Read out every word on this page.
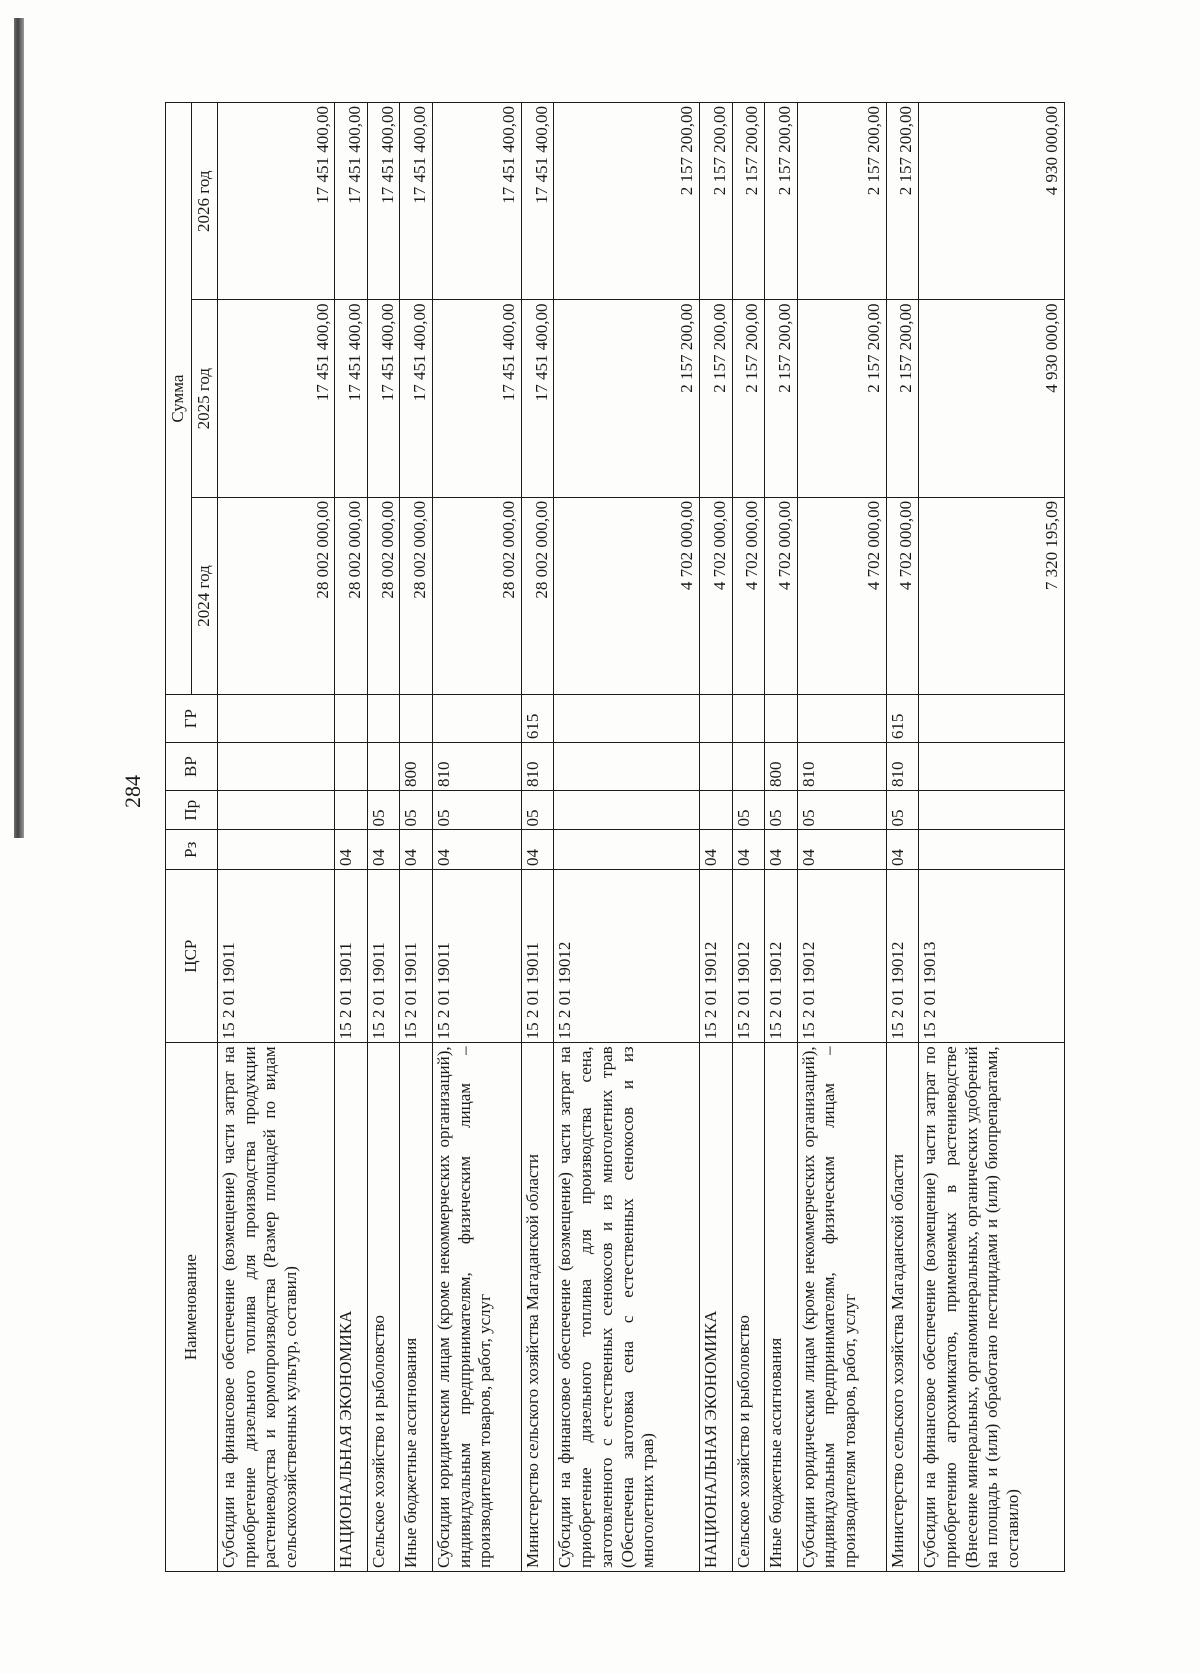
284
Наименование	ЦСР	Рз	Пр	ВР	ГР	Сумма		
						2024 год	2025 год	2026 год
Субсидии на финансовое обеспечение (возмещение) части затрат на приобретение дизельного топлива для производства продукции растениеводства и кормопроизводства (Размер площадей по видам сельскохозяйственных культур, составил)	15 2 01 19011					28 002 000,00	17 451 400,00	17 451 400,00
НАЦИОНАЛЬНАЯ ЭКОНОМИКА	15 2 01 19011	04				28 002 000,00	17 451 400,00	17 451 400,00
Сельское хозяйство и рыболовство	15 2 01 19011	04	05			28 002 000,00	17 451 400,00	17 451 400,00
Иные бюджетные ассигнования	15 2 01 19011	04	05	800		28 002 000,00	17 451 400,00	17 451 400,00
Субсидии юридическим лицам (кроме некоммерческих организаций), индивидуальным предпринимателям, физическим лицам – производителям товаров, работ, услуг	15 2 01 19011	04	05	810		28 002 000,00	17 451 400,00	17 451 400,00
Министерство сельского хозяйства Магаданской области	15 2 01 19011	04	05	810	615	28 002 000,00	17 451 400,00	17 451 400,00
Субсидии на финансовое обеспечение (возмещение) части затрат на приобретение дизельного топлива для производства сена, заготовленного с естественных сенокосов и из многолетних трав (Обеспечена заготовка сена с естественных сенокосов и из многолетних трав)	15 2 01 19012					4 702 000,00	2 157 200,00	2 157 200,00
НАЦИОНАЛЬНАЯ ЭКОНОМИКА	15 2 01 19012	04				4 702 000,00	2 157 200,00	2 157 200,00
Сельское хозяйство и рыболовство	15 2 01 19012	04	05			4 702 000,00	2 157 200,00	2 157 200,00
Иные бюджетные ассигнования	15 2 01 19012	04	05	800		4 702 000,00	2 157 200,00	2 157 200,00
Субсидии юридическим лицам (кроме некоммерческих организаций), индивидуальным предпринимателям, физическим лицам – производителям товаров, работ, услуг	15 2 01 19012	04	05	810		4 702 000,00	2 157 200,00	2 157 200,00
Министерство сельского хозяйства Магаданской области	15 2 01 19012	04	05	810	615	4 702 000,00	2 157 200,00	2 157 200,00
Субсидии на финансовое обеспечение (возмещение) части затрат по приобретению агрохимикатов, применяемых в растениеводстве (Внесение минеральных, органоминеральных, органических удобрений на площадь и (или) обработано пестицидами и (или) биопрепаратами, составило)	15 2 01 19013					7 320 195,09	4 930 000,00	4 930 000,00
